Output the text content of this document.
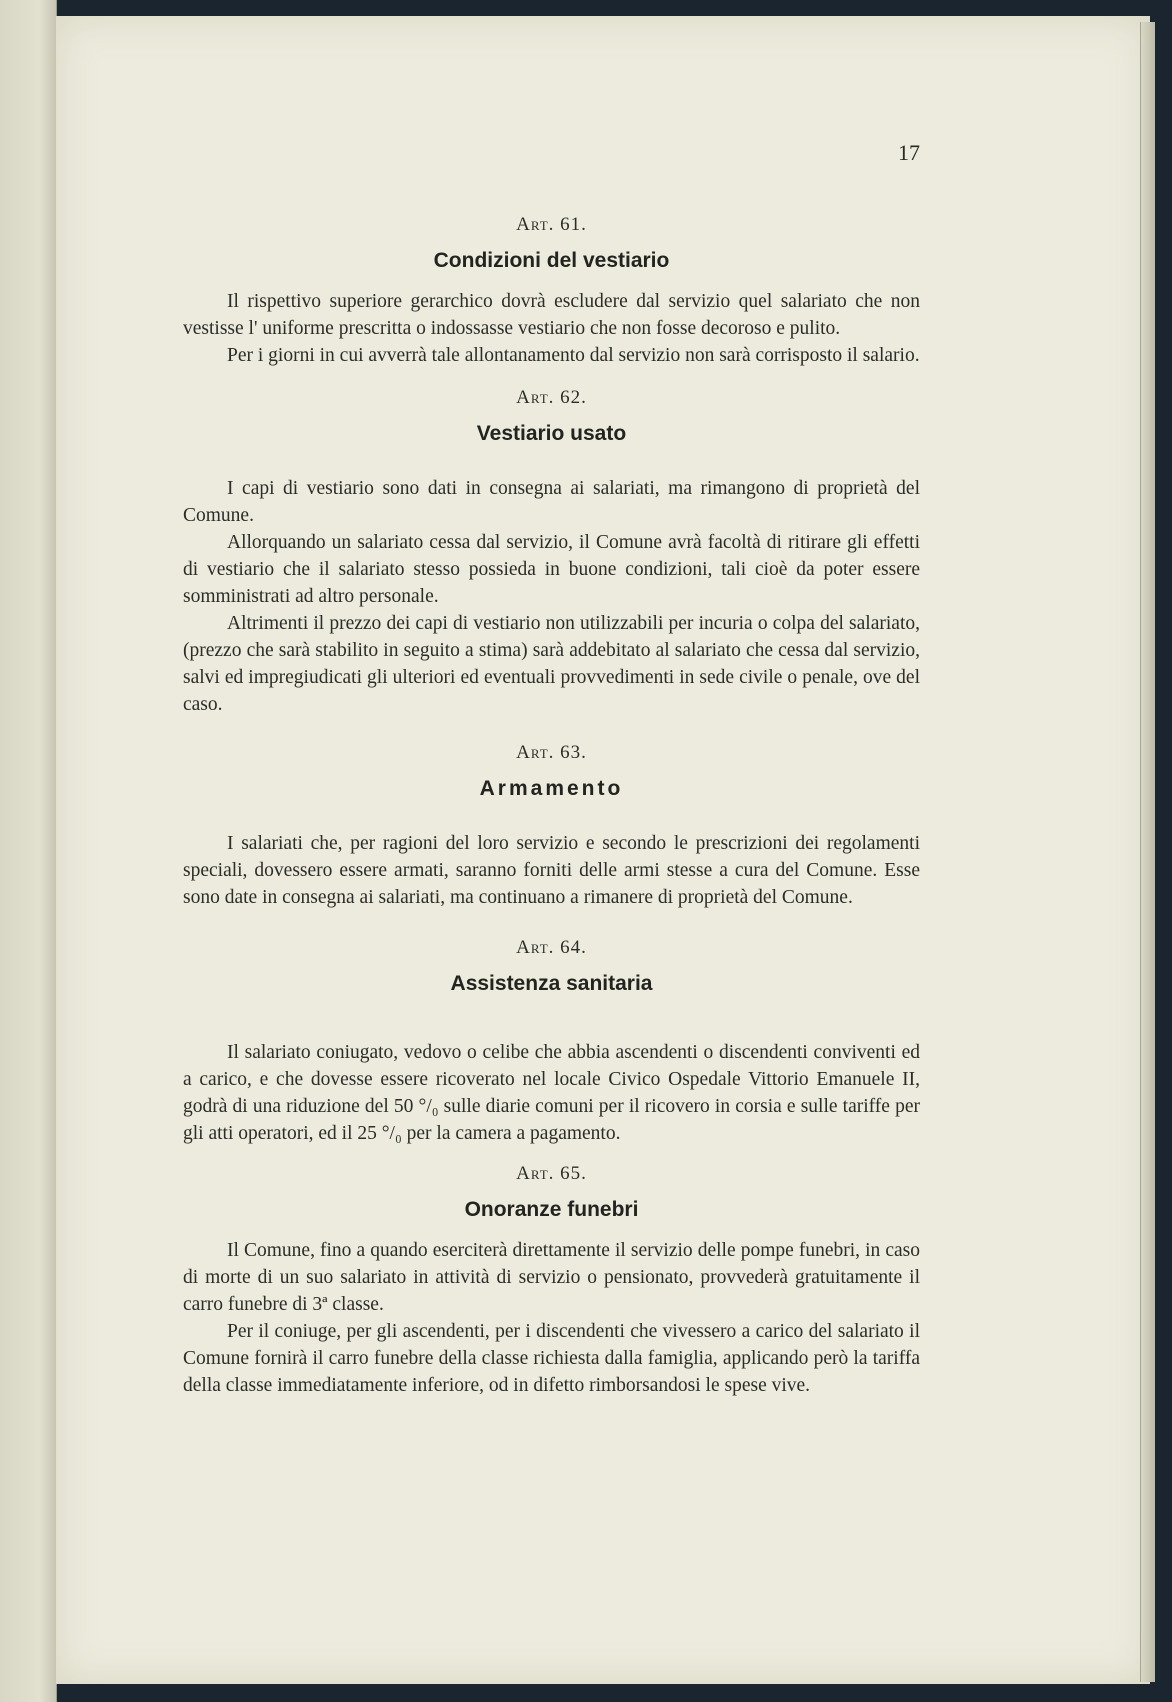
17
Art. 61.
Condizioni del vestiario

Il rispettivo superiore gerarchico dovrà escludere dal servizio quel salariato che non vestisse l' uniforme prescritta o indossasse vestiario che non fosse decoroso e pulito.

Per i giorni in cui avverrà tale allontanamento dal servizio non sarà corrisposto il salario.

Art. 62.
Vestiario usato

I capi di vestiario sono dati in consegna ai salariati, ma rimangono di proprietà del Comune.

Allorquando un salariato cessa dal servizio, il Comune avrà facoltà di ritirare gli effetti di vestiario che il salariato stesso possieda in buone condizioni, tali cioè da poter essere somministrati ad altro personale.

Altrimenti il prezzo dei capi di vestiario non utilizzabili per incuria o colpa del salariato, (prezzo che sarà stabilito in seguito a stima) sarà addebitato al salariato che cessa dal servizio, salvi ed impregiudicati gli ulteriori ed eventuali provvedimenti in sede civile o penale, ove del caso.

Art. 63.
Armamento

I salariati che, per ragioni del loro servizio e secondo le prescrizioni dei regolamenti speciali, dovessero essere armati, saranno forniti delle armi stesse a cura del Comune. Esse sono date in consegna ai salariati, ma continuano a rimanere di proprietà del Comune.

Art. 64.
Assistenza sanitaria

Il salariato coniugato, vedovo o celibe che abbia ascendenti o discendenti conviventi ed a carico, e che dovesse essere ricoverato nel locale Civico Ospedale Vittorio Emanuele II, godrà di una riduzione del 50 °/₀ sulle diarie comuni per il ricovero in corsia e sulle tariffe per gli atti operatori, ed il 25 °/₀ per la camera a pagamento.

Art. 65.
Onoranze funebri

Il Comune, fino a quando eserciterà direttamente il servizio delle pompe funebri, in caso di morte di un suo salariato in attività di servizio o pensionato, provvederà gratuitamente il carro funebre di 3ª classe.

Per il coniuge, per gli ascendenti, per i discendenti che vivessero a carico del salariato il Comune fornirà il carro funebre della classe richiesta dalla famiglia, applicando però la tariffa della classe immediatamente inferiore, od in difetto rimborsandosi le spese vive.
